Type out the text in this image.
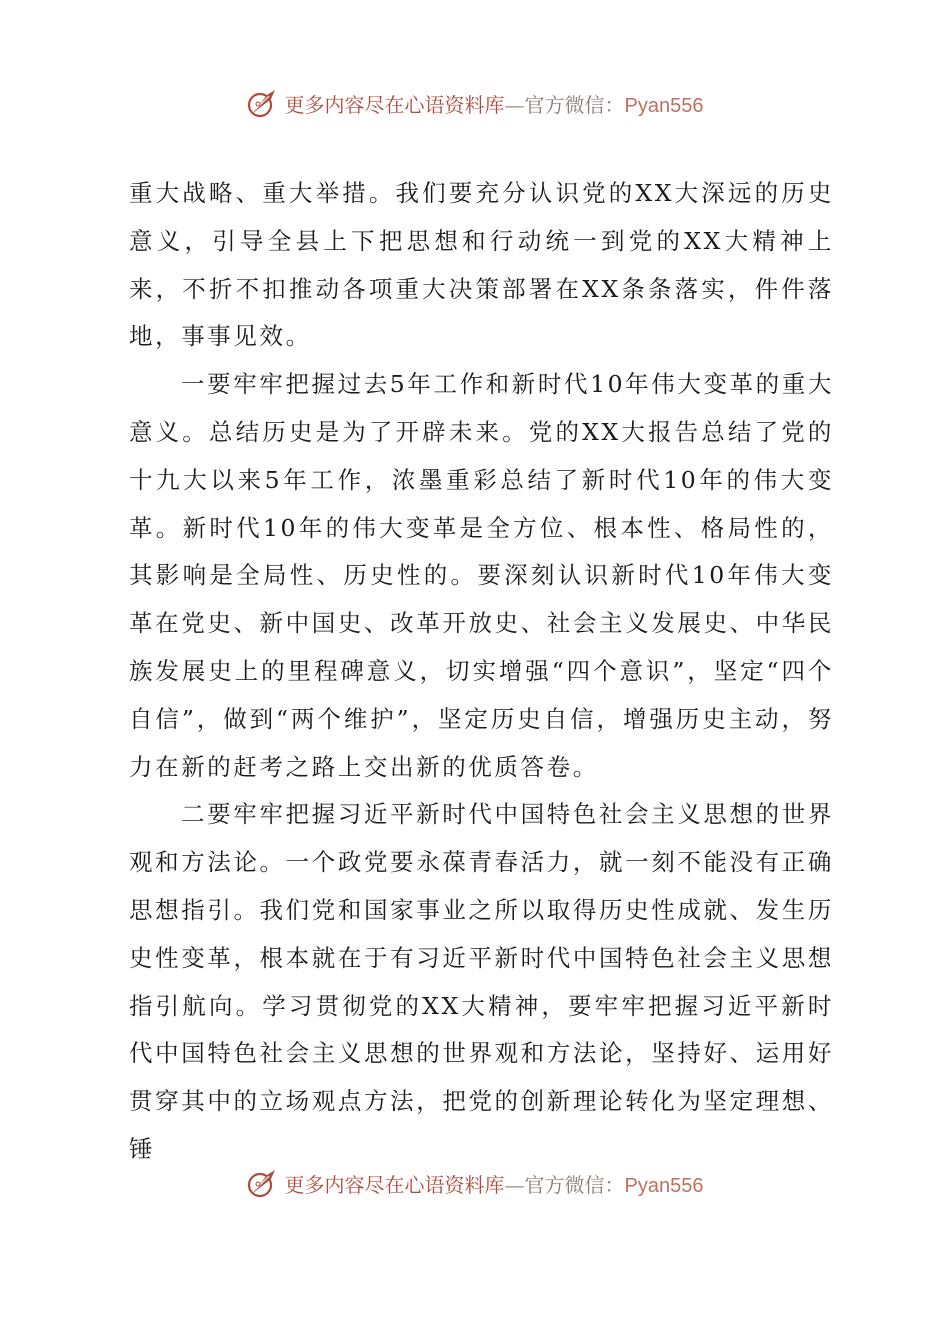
更多内容尽在心语资料库—官方微信：Pyan556

重大战略、重大举措。我们要充分认识党的XX大深远的历史意义，引导全县上下把思想和行动统一到党的XX大精神上来，不折不扣推动各项重大决策部署在XX条条落实，件件落地，事事见效。

一要牢牢把握过去5年工作和新时代10年伟大变革的重大意义。总结历史是为了开辟未来。党的XX大报告总结了党的十九大以来5年工作，浓墨重彩总结了新时代10年的伟大变革。新时代10年的伟大变革是全方位、根本性、格局性的，其影响是全局性、历史性的。要深刻认识新时代10年伟大变革在党史、新中国史、改革开放史、社会主义发展史、中华民族发展史上的里程碑意义，切实增强“四个意识”，坚定“四个自信”，做到“两个维护”，坚定历史自信，增强历史主动，努力在新的赶考之路上交出新的优质答卷。

二要牢牢把握习近平新时代中国特色社会主义思想的世界观和方法论。一个政党要永葆青春活力，就一刻不能没有正确思想指引。我们党和国家事业之所以取得历史性成就、发生历史性变革，根本就在于有习近平新时代中国特色社会主义思想指引航向。学习贯彻党的XX大精神，要牢牢把握习近平新时代中国特色社会主义思想的世界观和方法论，坚持好、运用好贯穿其中的立场观点方法，把党的创新理论转化为坚定理想、锤

更多内容尽在心语资料库—官方微信：Pyan556
